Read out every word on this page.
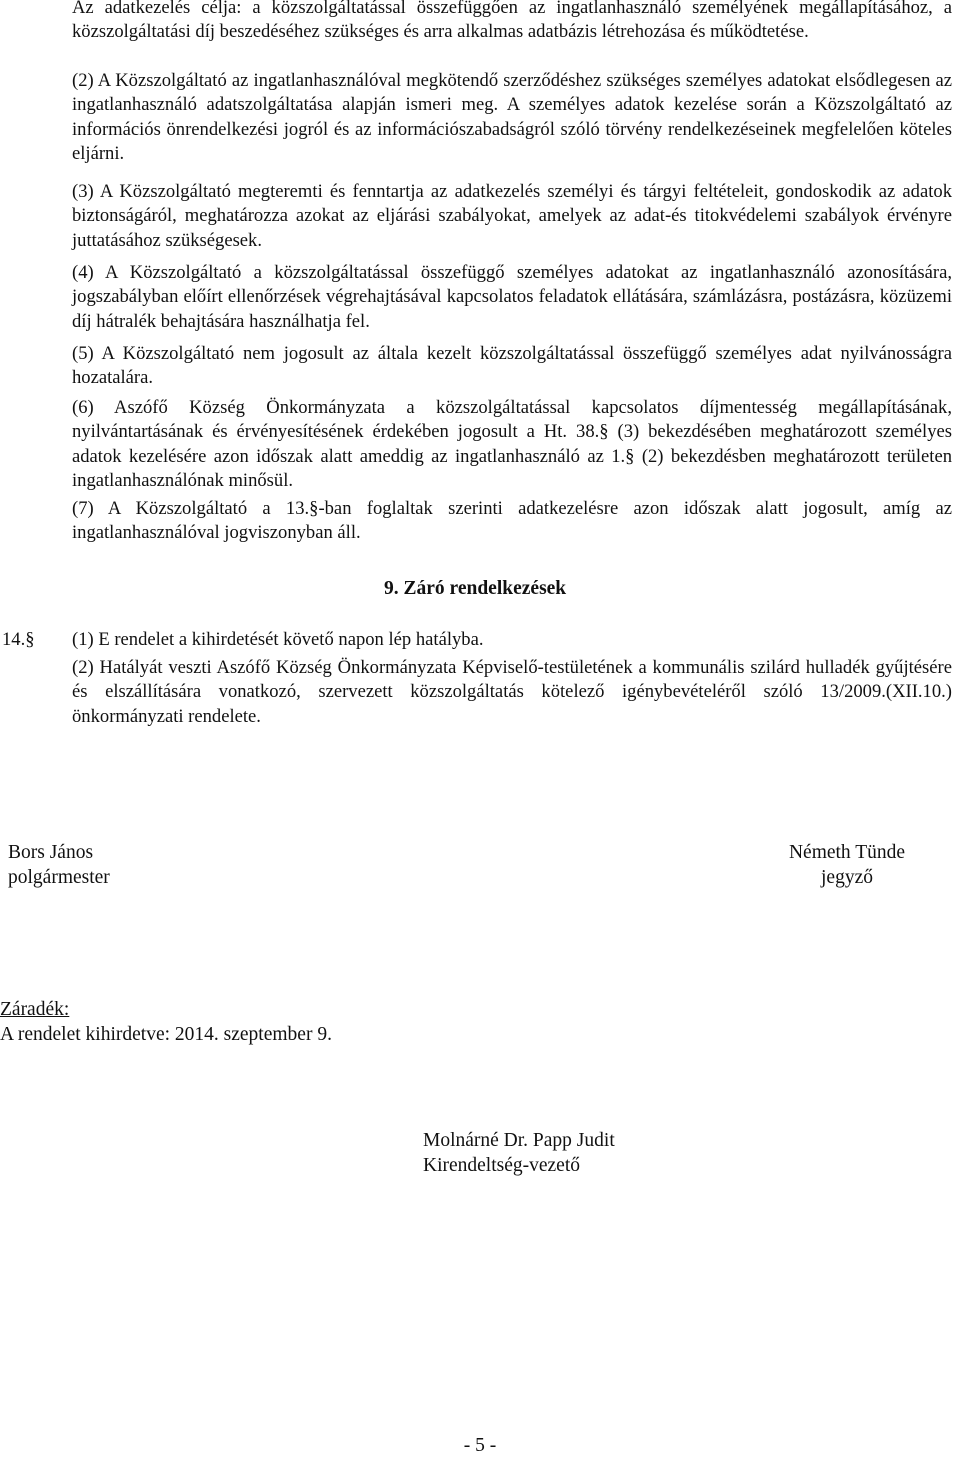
Az adatkezelés célja: a közszolgáltatással összefüggően az ingatlanhasználó személyének megállapításához, a közszolgáltatási díj beszedéséhez szükséges és arra alkalmas adatbázis létrehozása és működtetése.

(2) A Közszolgáltató az ingatlanhasználóval megkötendő szerződéshez szükséges személyes adatokat elsődlegesen az ingatlanhasználó adatszolgáltatása alapján ismeri meg. A személyes adatok kezelése során a Közszolgáltató az információs önrendelkezési jogról és az információszabadságról szóló törvény rendelkezéseinek megfelelően köteles eljárni.

(3) A Közszolgáltató megteremti és fenntartja az adatkezelés személyi és tárgyi feltételeit, gondoskodik az adatok biztonságáról, meghatározza azokat az eljárási szabályokat, amelyek az adat-és titokvédelemi szabályok érvényre juttatásához szükségesek.

(4) A Közszolgáltató a közszolgáltatással összefüggő személyes adatokat az ingatlanhasználó azonosítására, jogszabályban előírt ellenőrzések végrehajtásával kapcsolatos feladatok ellátására, számlázásra, postázásra, közüzemi díj hátralék behajtására használhatja fel.

(5) A Közszolgáltató nem jogosult az általa kezelt közszolgáltatással összefüggő személyes adat nyilvánosságra hozatalára.

(6) Aszófő Község Önkormányzata a közszolgáltatással kapcsolatos díjmentesség megállapításának, nyilvántartásának és érvényesítésének érdekében jogosult a Ht. 38.§ (3) bekezdésében meghatározott személyes adatok kezelésére azon időszak alatt ameddig az ingatlanhasználó az 1.§ (2) bekezdésben meghatározott területen ingatlanhasználónak minősül.

(7) A Közszolgáltató a 13.§-ban foglaltak szerinti adatkezelésre azon időszak alatt jogosult, amíg az ingatlanhasználóval jogviszonyban áll.

9. Záró rendelkezések
14.§ (1) E rendelet a kihirdetését követő napon lép hatályba.

(2) Hatályát veszti Aszófő Község Önkormányzata Képviselő-testületének a kommunális szilárd hulladék gyűjtésére és elszállítására vonatkozó, szervezett közszolgáltatás kötelező igénybevételéről szóló 13/2009.(XII.10.) önkormányzati rendelete.

Bors János
polgármester
Németh Tünde
jegyző
Záradék:
A rendelet kihirdetve: 2014. szeptember 9.
Molnárné Dr. Papp Judit
Kirendeltség-vezető
- 5 -
